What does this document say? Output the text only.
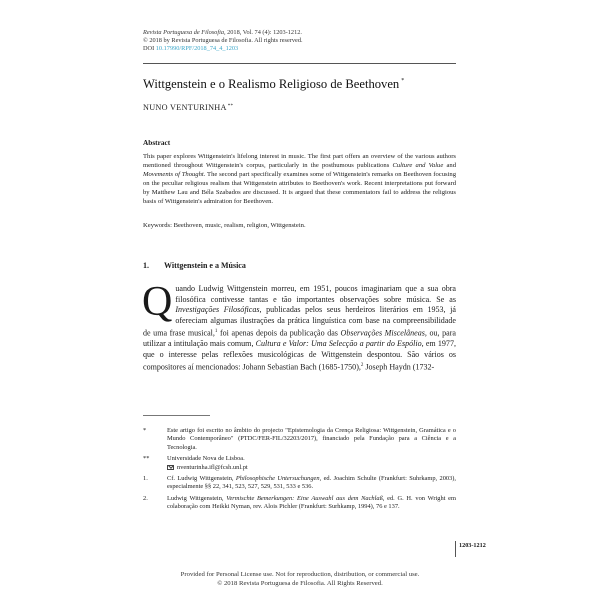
Revista Portuguesa de Filosofia, 2018, Vol. 74 (4): 1203-1212.
© 2018 by Revista Portuguesa de Filosofia. All rights reserved.
DOI 10.17990/RPF/2018_74_4_1203
Wittgenstein e o Realismo Religioso de Beethoven *
NUNO VENTURINHA**
Abstract
This paper explores Wittgenstein's lifelong interest in music. The first part offers an overview of the various authors mentioned throughout Wittgenstein's corpus, particularly in the posthumous publications Culture and Value and Movements of Thought. The second part specifically examines some of Wittgenstein's remarks on Beethoven focusing on the peculiar religious realism that Wittgenstein attributes to Beethoven's work. Recent interpretations put forward by Matthew Lau and Béla Szabados are discussed. It is argued that these commentators fail to address the religious basis of Wittgenstein's admiration for Beethoven.
Keywords: Beethoven, music, realism, religion, Wittgenstein.
1. Wittgenstein e a Música
Quando Ludwig Wittgenstein morreu, em 1951, poucos imaginariam que a sua obra filosófica contivesse tantas e tão importantes observações sobre música. Se as Investigações Filosóficas, publicadas pelos seus herdeiros literários em 1953, já ofereciam algumas ilustrações da prática linguística com base na compreensibilidade de uma frase musical,$^1$ foi apenas depois da publicação das Observações Miscelâneas, ou, para utilizar a intitulação mais comum, Cultura e Valor: Uma Selecção a partir do Espólio, em 1977, que o interesse pelas reflexões musicológicas de Wittgenstein despontou. São vários os compositores aí mencionados: Johann Sebastian Bach (1685-1750),$^2$ Joseph Haydn (1732-
*	Este artigo foi escrito no âmbito do projecto "Epistemologia da Crença Religiosa: Wittgenstein, Gramática e o Mundo Contemporâneo" (PTDC/FER-FIL/32203/2017), financiado pela Fundação para a Ciência e a Tecnologia.
**	Universidade Nova de Lisboa.
nventurinha.ifl@fcsh.unl.pt
1.	Cf. Ludwig Wittgenstein, Philosophische Untersuchungen, ed. Joachim Schulte (Frankfurt: Suhrkamp, 2003), especialmente §§ 22, 341, 523, 527, 529, 531, 533 e 536.
2.	Ludwig Wittgenstein, Vermischte Bemerkungen: Eine Auswahl aus dem Nachlaß, ed. G. H. von Wright em colaboração com Heikki Nyman, rev. Alois Pichler (Frankfurt: Surhkamp, 1994), 76 e 137.
1203-1212
Provided for Personal License use. Not for reproduction, distribution, or commercial use.
© 2018 Revista Portuguesa de Filosofia. All Rights Reserved.
